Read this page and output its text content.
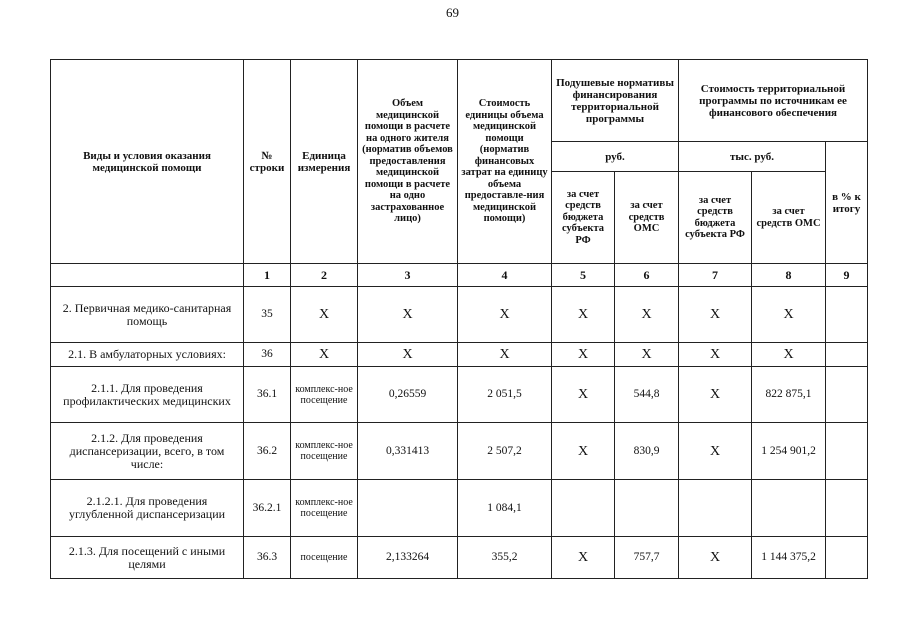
69
Виды и условия оказания медицинской помощи	№ строки	Единица измерения	Объем медицинской помощи в расчете на одного жителя (норматив объемов предоставления медицинской помощи в расчете на одно застрахованное лицо)	Стоимость единицы объема медицинской помощи (норматив финансовых затрат на единицу объема предоставле-ния медицинской помощи)	Подушевые нормативы финансирования территориальной программы		Стоимость территориальной программы по источникам ее финансового обеспечения		
					руб.		тыс. руб.		в % к итогу
					за счет средств бюджета субъекта РФ	за счет средств ОМС	за счет средств бюджета субъекта РФ	за счет средств ОМС	
	1	2	3	4	5	6	7	8	9
2. Первичная медико-санитарная помощь	35	Х	Х	Х	Х	Х	Х	Х	
2.1. В амбулаторных условиях:	36	Х	Х	Х	Х	Х	Х	Х	
2.1.1. Для проведения профилактических медицинских	36.1	комплекс-ное посещение	0,26559	2 051,5	Х	544,8	Х	822 875,1	
2.1.2. Для проведения диспансеризации, всего, в том числе:	36.2	комплекс-ное посещение	0,331413	2 507,2	Х	830,9	Х	1 254 901,2	
2.1.2.1. Для проведения углубленной диспансеризации	36.2.1	комплекс-ное посещение		1 084,1					
2.1.3. Для посещений с иными целями	36.3	посещение	2,133264	355,2	Х	757,7	Х	1 144 375,2	
